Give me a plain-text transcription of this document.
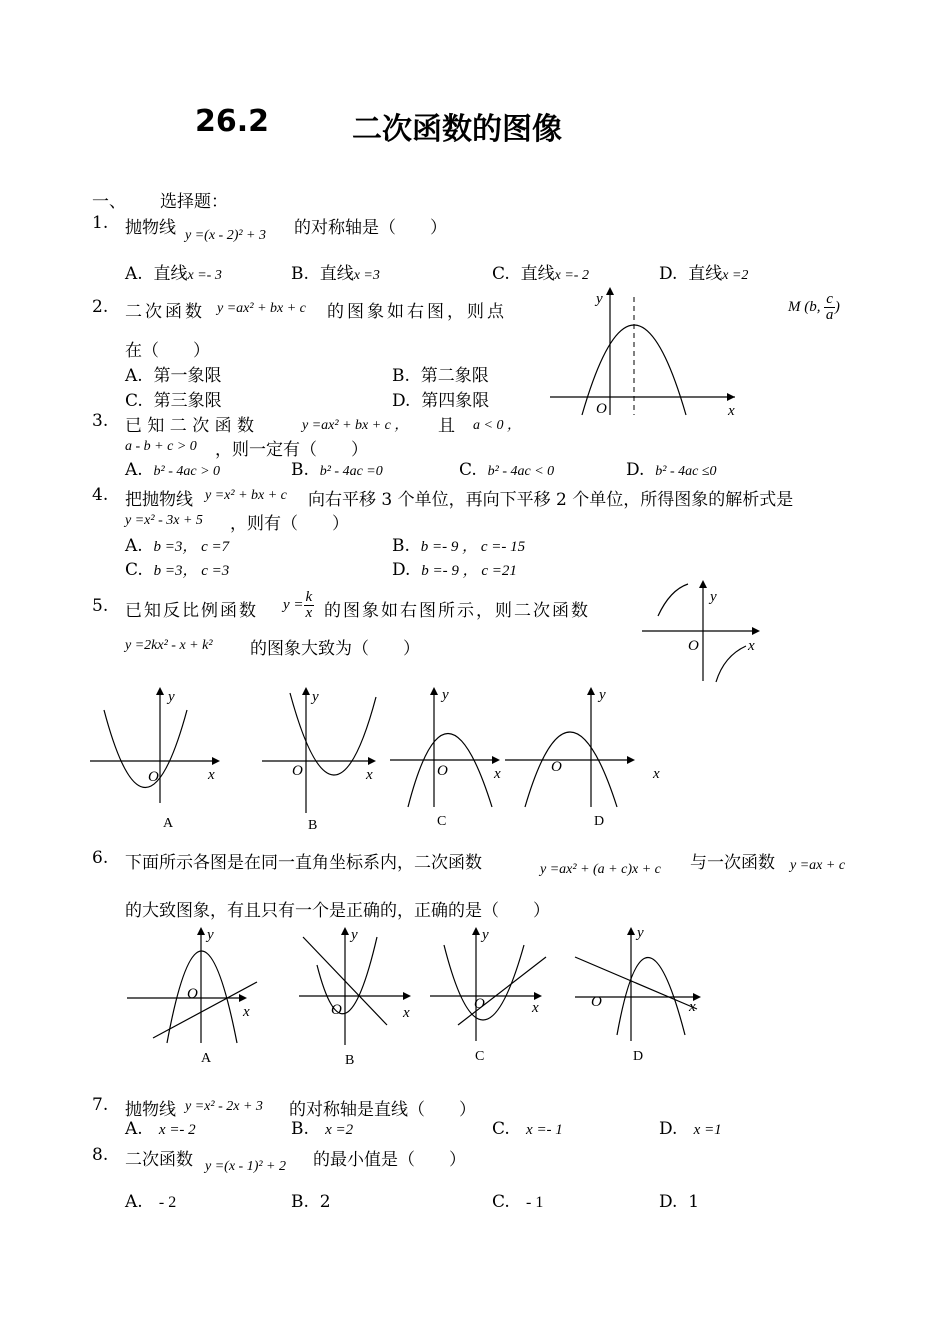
26.2	二次函数的图像
一、 选择题：
1. 抛物线 y =(x - 2)² + 3 的对称轴是（　　）
A. 直线x =- 3	B. 直线x =3	C. 直线x =- 2	D. 直线x =2
2. 二次函数 y =ax² + bx + c 的图象如右图，则点	M (b, $\frac{c}{a}$ )
在（　　）
A. 第一象限	B. 第二象限
C. 第三象限	D. 第四象限
y
x
O
3. 已 知 二 次 函 数	y =ax² + bx + c ， 且 a < 0 ，
a - b + c > 0 ，则一定有（　　）
A. b² - 4ac > 0	B. b² - 4ac =0	C. b² - 4ac < 0	D. b² - 4ac ≤0
4. 把抛物线 y =x² + bx + c 向右平移 3 个单位，再向下平移 2 个单位，所得图象的解析式是
y =x² - 3x + 5 ，则有（　　）
A. b =3， c =7	B. b =- 9 ， c =- 15
C. b =3， c =3	D. b =- 9 ， c =21
5. 已知反比例函数 $y = \frac{k}{x}$ 的图象如右图所示，则二次函数
y =2kx² - x + k² 的图象大致为（　　）
y
x
O
y
x
O
A
y
x
O
B
y
x
O
C
y
x
O
D
6. 下面所示各图是在同一直角坐标系内，二次函数	y =ax² + (a + c)x + c 与一次函数 y =ax + c
的大致图象，有且只有一个是正确的，正确的是（　　）
y
x
O
A
y
x
O
B
y
x
O
C
y
x
O
D
7. 抛物线 y =x² - 2x + 3 的对称轴是直线（　　）
A. x =- 2	B. x =2	C. x =- 1	D. x =1
8. 二次函数 y =(x - 1)² + 2 的最小值是（　　）
A. - 2	B. 2	C. - 1	D. 1
